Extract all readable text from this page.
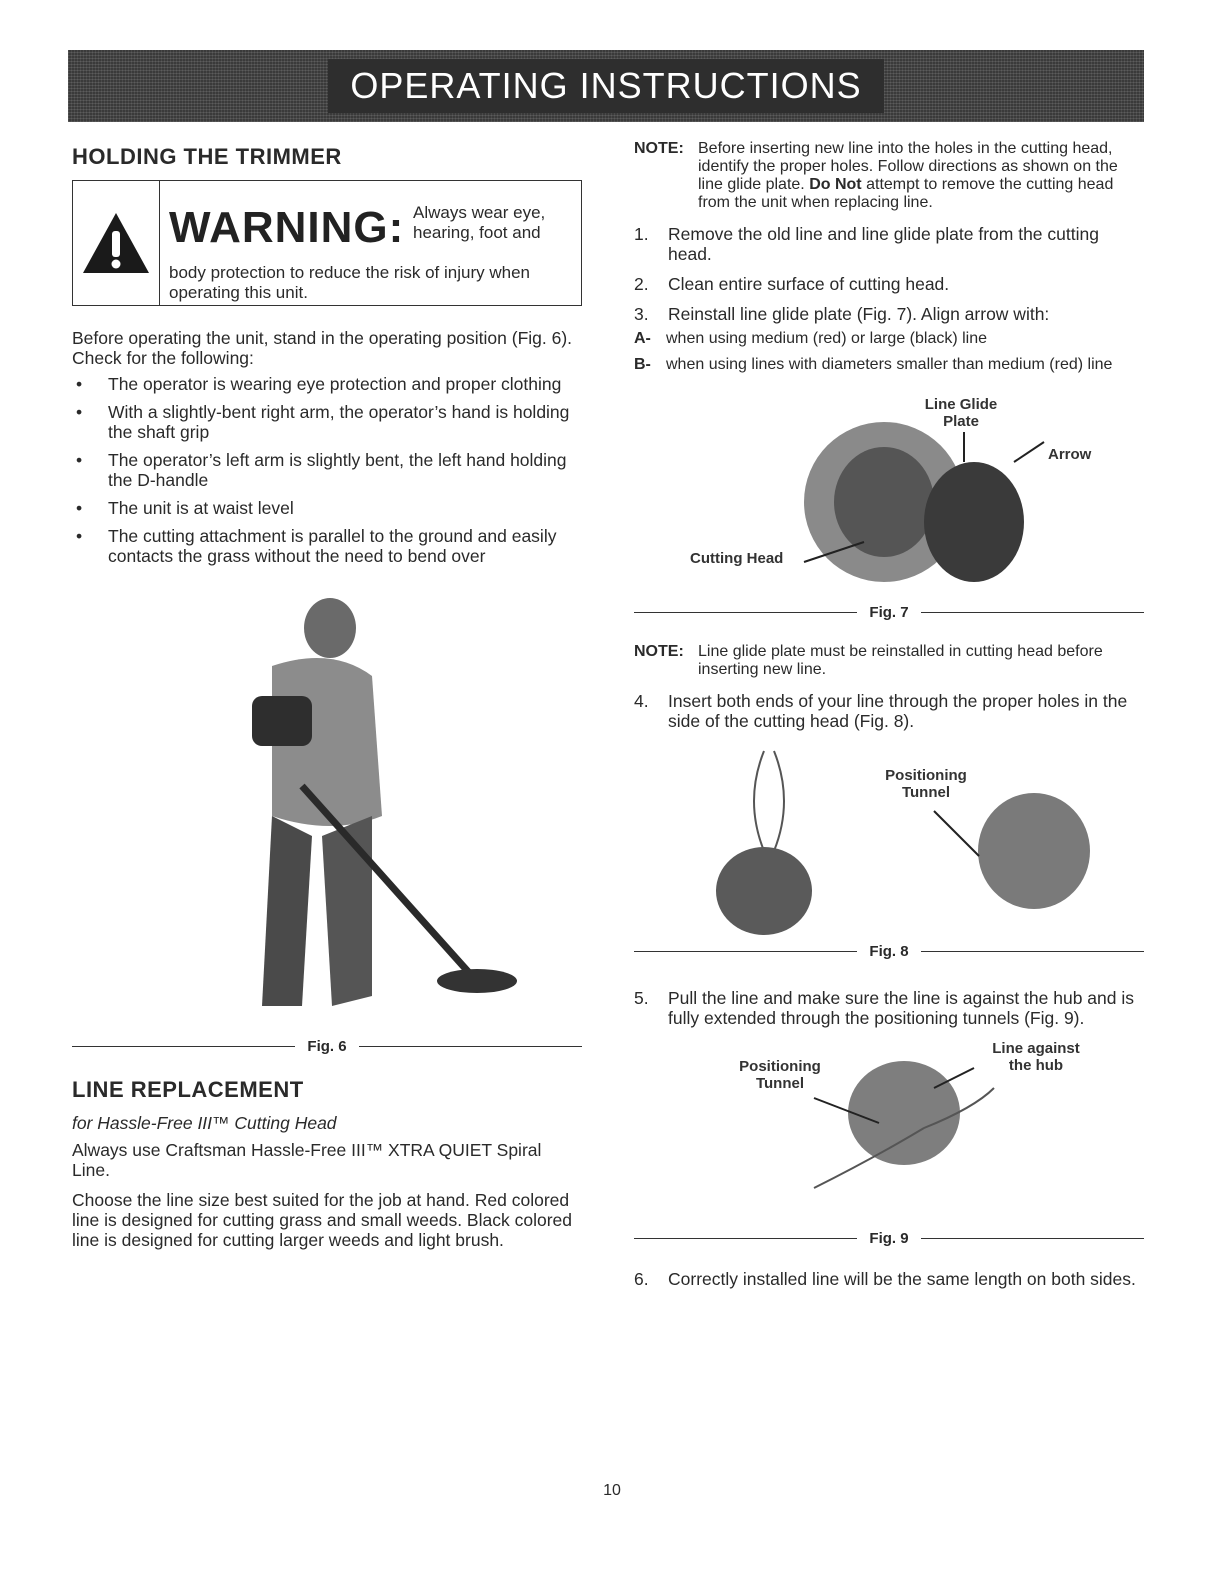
OPERATING INSTRUCTIONS
HOLDING THE TRIMMER
WARNING: Always wear eye, hearing, foot and
body protection to reduce the risk of injury when operating this unit.

Before operating the unit, stand in the operating position (Fig. 6). Check for the following:

• The operator is wearing eye protection and proper clothing
• With a slightly-bent right arm, the operator’s hand is holding the shaft grip
• The operator’s left arm is slightly bent, the left hand holding the D-handle
• The unit is at waist level
• The cutting attachment is parallel to the ground and easily contacts the grass without the need to bend over
Fig. 6
LINE REPLACEMENT
for Hassle-Free III™ Cutting Head

Always use Craftsman Hassle-Free III™ XTRA QUIET Spiral Line.

Choose the line size best suited for the job at hand. Red colored line is designed for cutting grass and small weeds. Black colored line is designed for cutting larger weeds and light brush.

NOTE: Before inserting new line into the holes in the cutting head, identify the proper holes. Follow directions as shown on the line glide plate. Do Not attempt to remove the cutting head from the unit when replacing line.
1. Remove the old line and line glide plate from the cutting head.
2. Clean entire surface of cutting head.
3. Reinstall line glide plate (Fig. 7). Align arrow with:
A- when using medium (red) or large (black) line
B- when using lines with diameters smaller than medium (red) line
Line Glide Plate
Arrow
Cutting Head
Fig. 7
NOTE: Line glide plate must be reinstalled in cutting head before inserting new line.
4. Insert both ends of your line through the proper holes in the side of the cutting head (Fig. 8).
Positioning Tunnel
Fig. 8
5. Pull the line and make sure the line is against the hub and is fully extended through the positioning tunnels (Fig. 9).
Positioning Tunnel
Line against the hub
Fig. 9
6. Correctly installed line will be the same length on both sides.
10
